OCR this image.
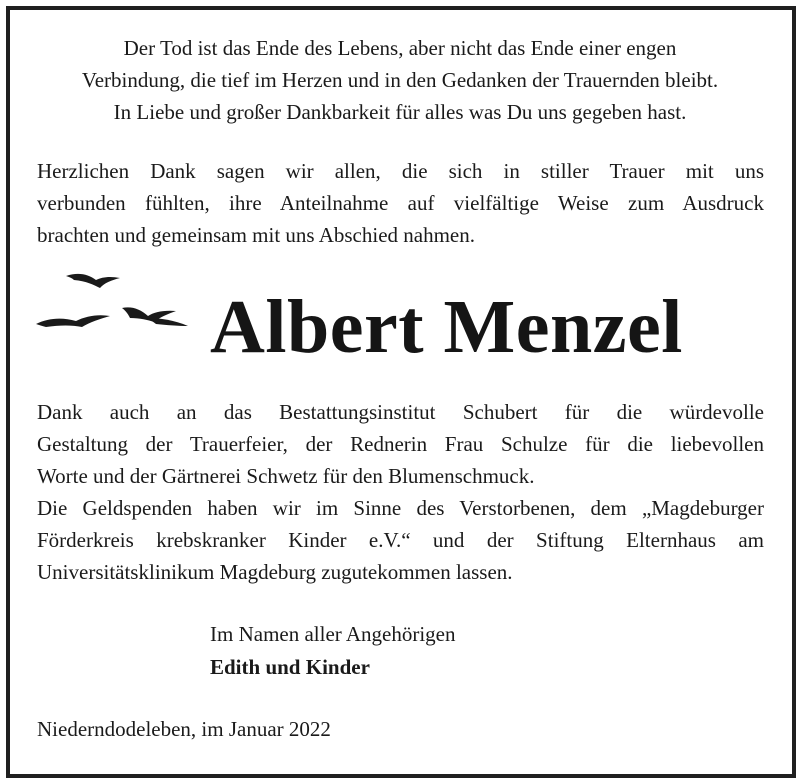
Der Tod ist das Ende des Lebens, aber nicht das Ende einer engen
Verbindung, die tief im Herzen und in den Gedanken der Trauernden bleibt.
In Liebe und großer Dankbarkeit für alles was Du uns gegeben hast.
Herzlichen Dank sagen wir allen, die sich in stiller Trauer mit uns
verbunden fühlten, ihre Anteilnahme auf vielfältige Weise zum Ausdruck
brachten und gemeinsam mit uns Abschied nahmen.
Albert Menzel
Dank auch an das Bestattungsinstitut Schubert für die würdevolle
Gestaltung der Trauerfeier, der Rednerin Frau Schulze für die liebevollen
Worte und der Gärtnerei Schwetz für den Blumenschmuck.
Die Geldspenden haben wir im Sinne des Verstorbenen, dem „Magdeburger
Förderkreis krebskranker Kinder e.V.“ und der Stiftung Elternhaus am
Universitätsklinikum Magdeburg zugutekommen lassen.
Im Namen aller Angehörigen
Edith und Kinder
Niederndodeleben, im Januar 2022
